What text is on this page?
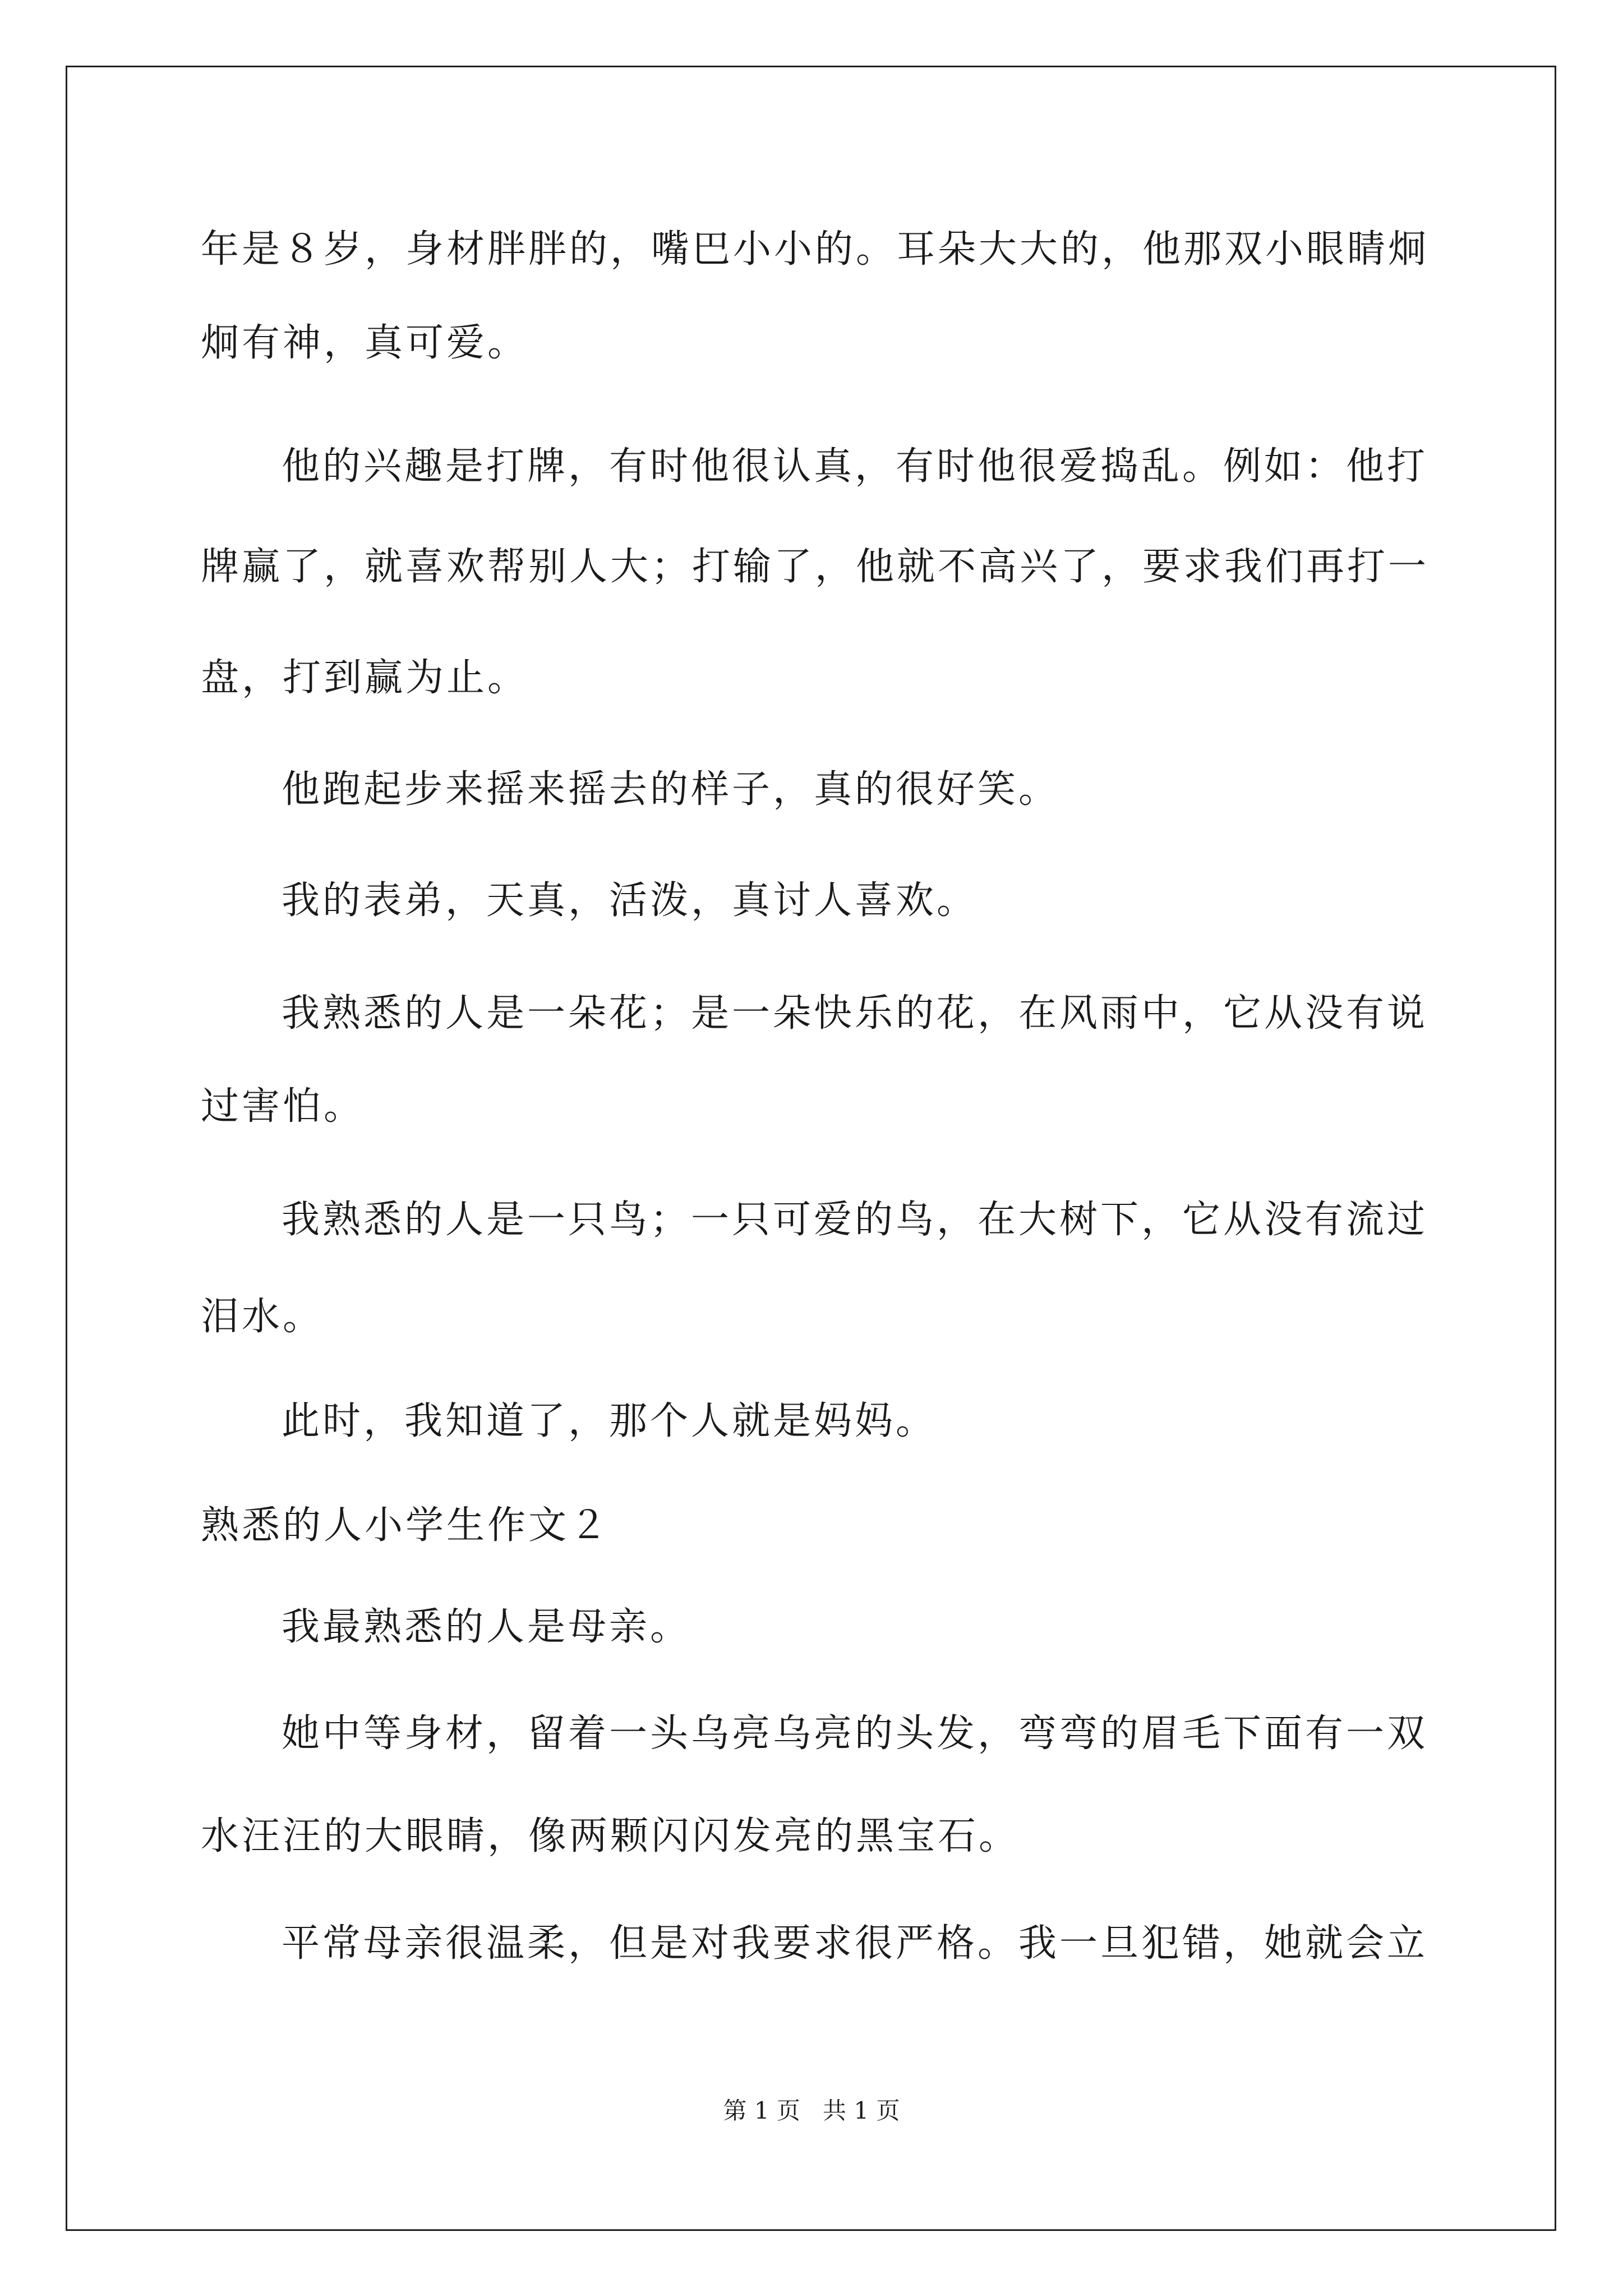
年是８岁，身材胖胖的，嘴巴小小的。耳朵大大的，他那双小眼睛炯
炯有神，真可爱。
他的兴趣是打牌，有时他很认真，有时他很爱捣乱。例如：他打
牌赢了，就喜欢帮别人大；打输了，他就不高兴了，要求我们再打一
盘，打到赢为止。
他跑起步来摇来摇去的样子，真的很好笑。
我的表弟，天真，活泼，真讨人喜欢。
我熟悉的人是一朵花；是一朵快乐的花，在风雨中，它从没有说
过害怕。
我熟悉的人是一只鸟；一只可爱的鸟，在大树下，它从没有流过
泪水。
此时，我知道了，那个人就是妈妈。
熟悉的人小学生作文２
我最熟悉的人是母亲。
她中等身材，留着一头乌亮乌亮的头发，弯弯的眉毛下面有一双
水汪汪的大眼睛，像两颗闪闪发亮的黑宝石。
平常母亲很温柔，但是对我要求很严格。我一旦犯错，她就会立
第 1 页   共 1 页
